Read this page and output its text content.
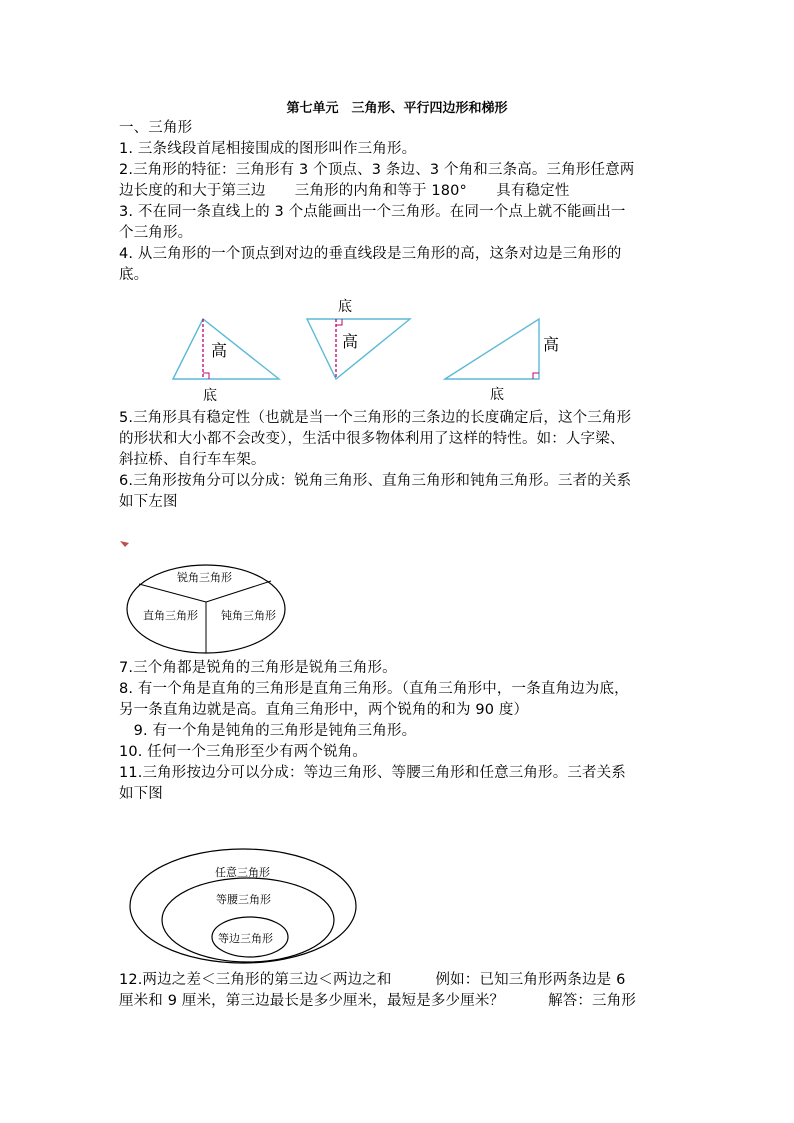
第七单元　三角形、平行四边形和梯形
一、三角形
1. 三条线段首尾相接围成的图形叫作三角形。
2.三角形的特征：三角形有 3 个顶点、3 条边、3 个角和三条高。三角形任意两
边长度的和大于第三边　　三角形的内角和等于 180°　　具有稳定性
3. 不在同一条直线上的 3 个点能画出一个三角形。在同一个点上就不能画出一
个三角形。
4. 从三角形的一个顶点到对边的垂直线段是三角形的高，这条对边是三角形的
底。
高
底
高
底
高
底
5.三角形具有稳定性（也就是当一个三角形的三条边的长度确定后，这个三角形
的形状和大小都不会改变），生活中很多物体利用了这样的特性。如：人字梁、
斜拉桥、自行车车架。
6.三角形按角分可以分成：锐角三角形、直角三角形和钝角三角形。三者的关系
如下左图
锐角三角形
直角三角形 钝角三角形
7.三个角都是锐角的三角形是锐角三角形。
8. 有一个角是直角的三角形是直角三角形。（直角三角形中，一条直角边为底，
另一条直角边就是高。直角三角形中，两个锐角的和为 90 度）
　9. 有一个角是钝角的三角形是钝角三角形。
10. 任何一个三角形至少有两个锐角。
11.三角形按边分可以分成：等边三角形、等腰三角形和任意三角形。三者关系
如下图
任意三角形
等腰三角形
等边三角形
12.两边之差＜三角形的第三边＜两边之和　　　例如：已知三角形两条边是 6
厘米和 9 厘米，第三边最长是多少厘米，最短是多少厘米？　　　解答：三角形
